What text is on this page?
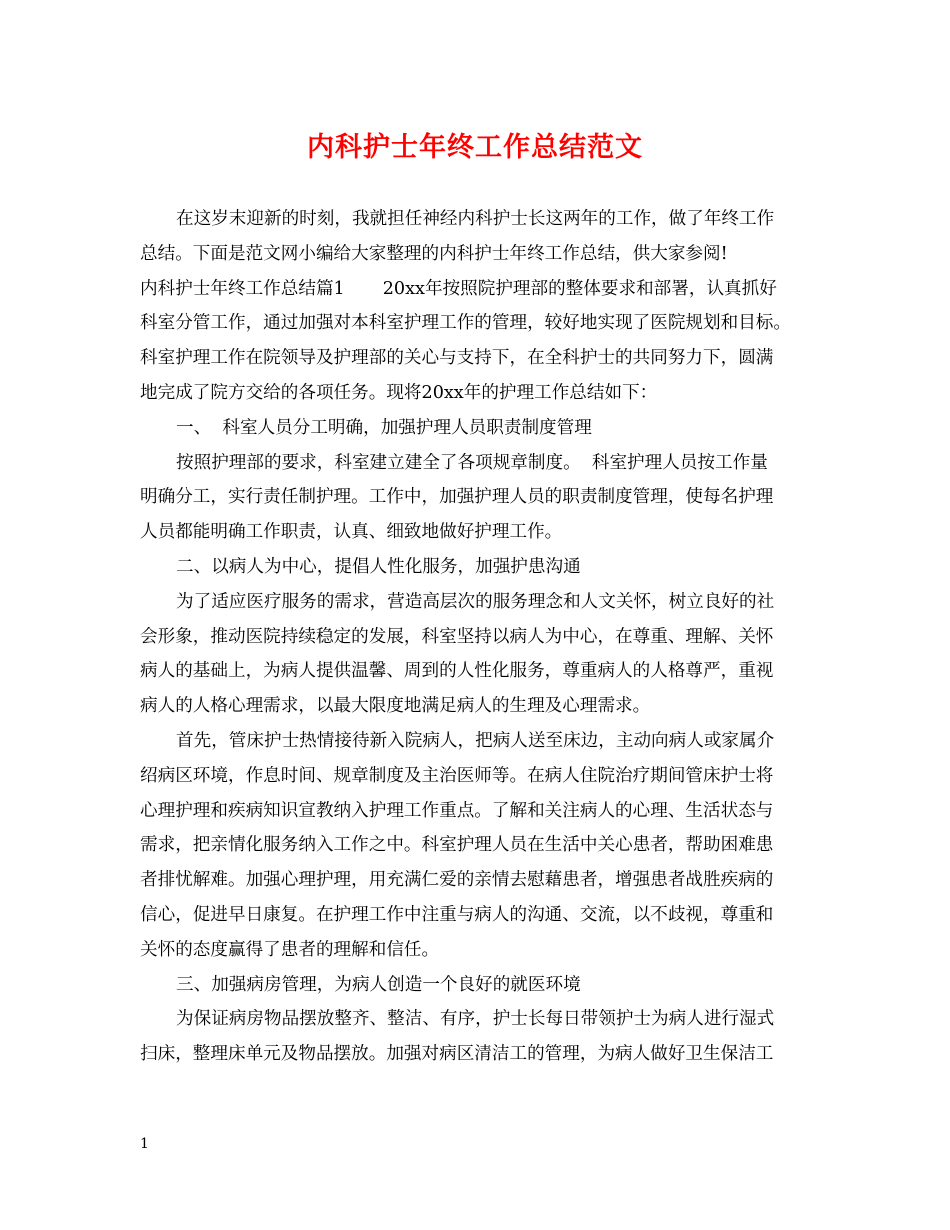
内科护士年终工作总结范文
在这岁末迎新的时刻，我就担任神经内科护士长这两年的工作，做了年终工作
总结。下面是范文网小编给大家整理的内科护士年终工作总结，供大家参阅!
内科护士年终工作总结篇1 20xx年按照院护理部的整体要求和部署，认真抓好
科室分管工作，通过加强对本科室护理工作的管理，较好地实现了医院规划和目标。
科室护理工作在院领导及护理部的关心与支持下，在全科护士的共同努力下，圆满
地完成了院方交给的各项任务。现将20xx年的护理工作总结如下：
一、  科室人员分工明确，加强护理人员职责制度管理
按照护理部的要求，科室建立建全了各项规章制度。  科室护理人员按工作量
明确分工，实行责任制护理。工作中，加强护理人员的职责制度管理，使每名护理
人员都能明确工作职责，认真、细致地做好护理工作。
二、以病人为中心，提倡人性化服务，加强护患沟通
为了适应医疗服务的需求，营造高层次的服务理念和人文关怀，树立良好的社
会形象，推动医院持续稳定的发展，科室坚持以病人为中心，在尊重、理解、关怀
病人的基础上，为病人提供温馨、周到的人性化服务，尊重病人的人格尊严，重视
病人的人格心理需求，以最大限度地满足病人的生理及心理需求。
首先，管床护士热情接待新入院病人，把病人送至床边，主动向病人或家属介
绍病区环境，作息时间、规章制度及主治医师等。在病人住院治疗期间管床护士将
心理护理和疾病知识宣教纳入护理工作重点。了解和关注病人的心理、生活状态与
需求，把亲情化服务纳入工作之中。科室护理人员在生活中关心患者，帮助困难患
者排忧解难。加强心理护理，用充满仁爱的亲情去慰藉患者，增强患者战胜疾病的
信心，促进早日康复。在护理工作中注重与病人的沟通、交流，以不歧视，尊重和
关怀的态度赢得了患者的理解和信任。
三、加强病房管理，为病人创造一个良好的就医环境
为保证病房物品摆放整齐、整洁、有序，护士长每日带领护士为病人进行湿式
扫床，整理床单元及物品摆放。加强对病区清洁工的管理，为病人做好卫生保洁工
1
